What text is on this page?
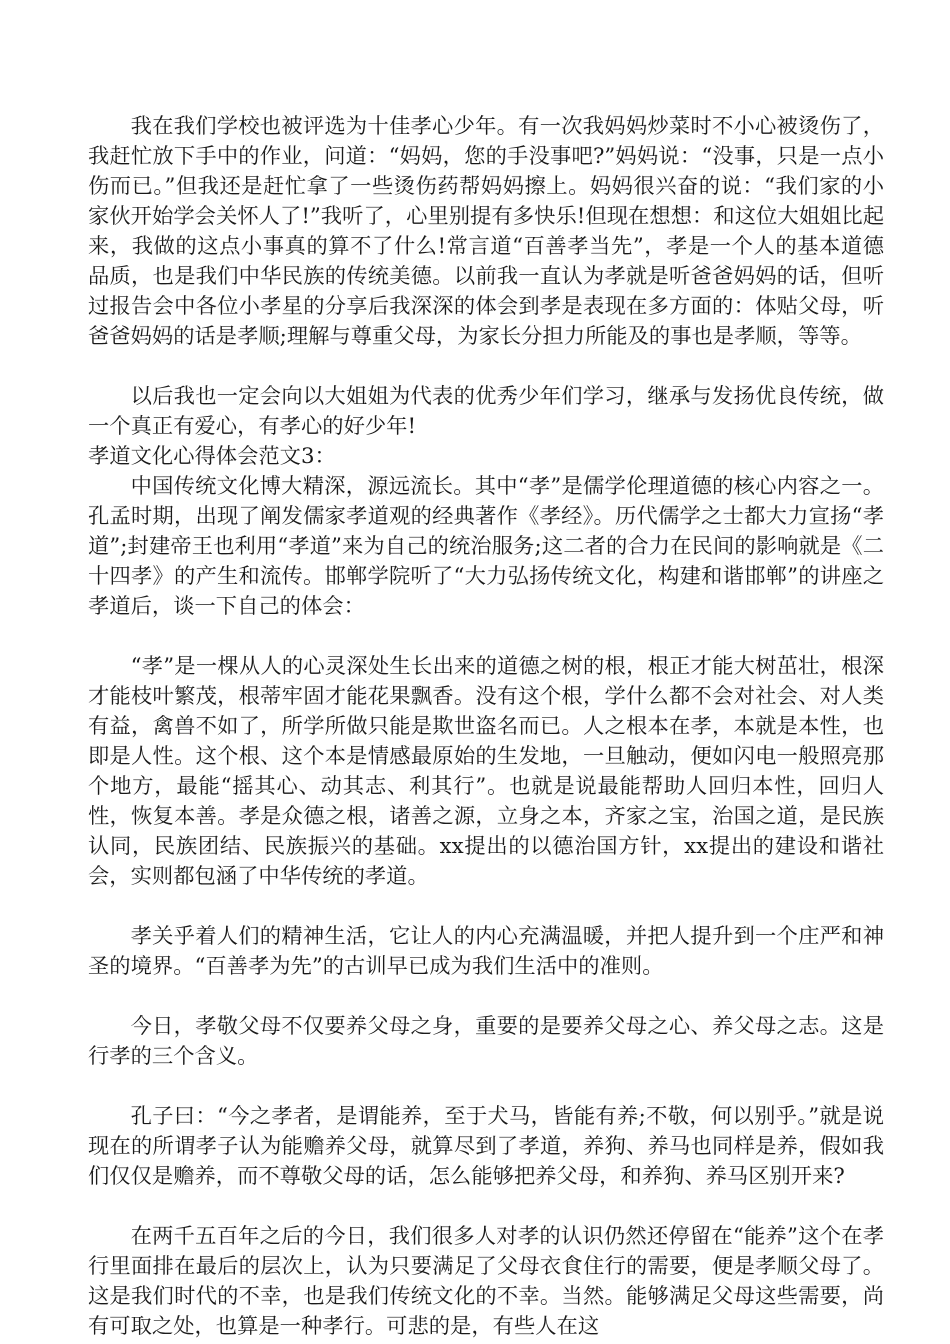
我在我们学校也被评选为十佳孝心少年。有一次我妈妈炒菜时不小心被烫伤了，我赶忙放下手中的作业，问道：“妈妈，您的手没事吧?”妈妈说：“没事，只是一点小伤而已。”但我还是赶忙拿了一些烫伤药帮妈妈擦上。妈妈很兴奋的说：“我们家的小家伙开始学会关怀人了!”我听了，心里别提有多快乐!但现在想想：和这位大姐姐比起来，我做的这点小事真的算不了什么!常言道“百善孝当先”，孝是一个人的基本道德品质，也是我们中华民族的传统美德。以前我一直认为孝就是听爸爸妈妈的话，但听过报告会中各位小孝星的分享后我深深的体会到孝是表现在多方面的：体贴父母，听爸爸妈妈的话是孝顺;理解与尊重父母，为家长分担力所能及的事也是孝顺，等等。

以后我也一定会向以大姐姐为代表的优秀少年们学习，继承与发扬优良传统，做一个真正有爱心，有孝心的好少年!

孝道文化心得体会范文3：

中国传统文化博大精深，源远流长。其中“孝”是儒学伦理道德的核心内容之一。孔孟时期，出现了阐发儒家孝道观的经典著作《孝经》。历代儒学之士都大力宣扬“孝道”;封建帝王也利用“孝道”来为自己的统治服务;这二者的合力在民间的影响就是《二十四孝》的产生和流传。邯郸学院听了“大力弘扬传统文化，构建和谐邯郸”的讲座之孝道后，谈一下自己的体会：

“孝”是一棵从人的心灵深处生长出来的道德之树的根，根正才能大树茁壮，根深才能枝叶繁茂，根蒂牢固才能花果飘香。没有这个根，学什么都不会对社会、对人类有益，禽兽不如了，所学所做只能是欺世盗名而已。人之根本在孝，本就是本性，也即是人性。这个根、这个本是情感最原始的生发地，一旦触动，便如闪电一般照亮那个地方，最能“摇其心、动其志、利其行”。也就是说最能帮助人回归本性，回归人性，恢复本善。孝是众德之根，诸善之源，立身之本，齐家之宝，治国之道，是民族认同，民族团结、民族振兴的基础。xx提出的以德治国方针，xx提出的建设和谐社会，实则都包涵了中华传统的孝道。

孝关乎着人们的精神生活，它让人的内心充满温暖，并把人提升到一个庄严和神圣的境界。“百善孝为先”的古训早已成为我们生活中的准则。

今日，孝敬父母不仅要养父母之身，重要的是要养父母之心、养父母之志。这是行孝的三个含义。

孔子曰：“今之孝者，是谓能养，至于犬马，皆能有养;不敬，何以别乎。”就是说现在的所谓孝子认为能赡养父母，就算尽到了孝道，养狗、养马也同样是养，假如我们仅仅是赡养，而不尊敬父母的话，怎么能够把养父母，和养狗、养马区别开来?

在两千五百年之后的今日，我们很多人对孝的认识仍然还停留在“能养”这个在孝行里面排在最后的层次上，认为只要满足了父母衣食住行的需要，便是孝顺父母了。这是我们时代的不幸，也是我们传统文化的不幸。当然。能够满足父母这些需要，尚有可取之处，也算是一种孝行。可悲的是，有些人在这
